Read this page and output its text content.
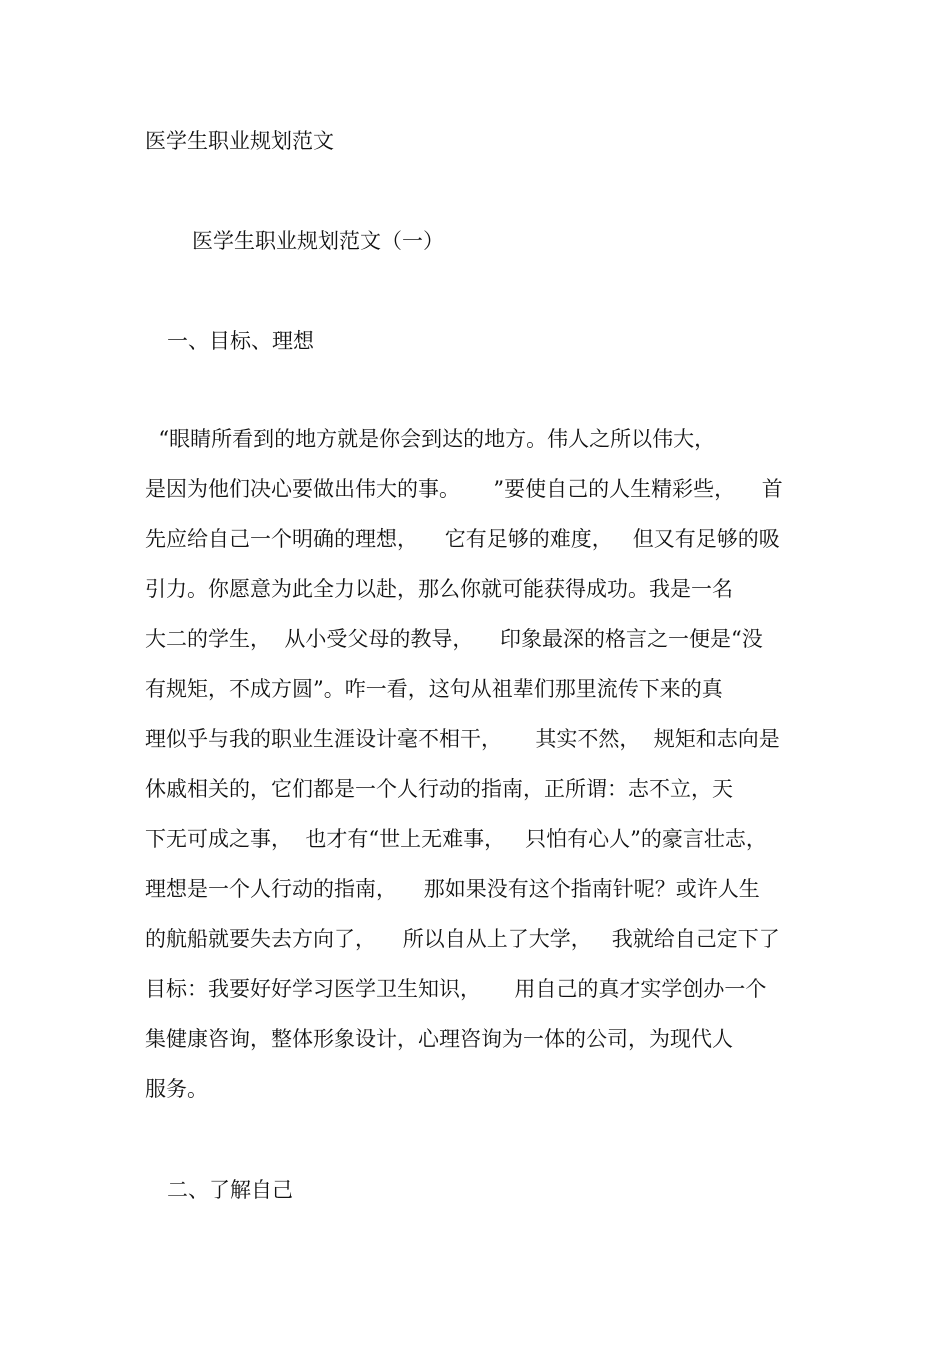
医学生职业规划范文
医学生职业规划范文（一）
一、目标、理想
“眼睛所看到的地方就是你会到达的地方。伟人之所以伟大，
是因为他们决心要做出伟大的事。     ”要使自己的人生精彩些，    首
先应给自己一个明确的理想，    它有足够的难度，   但又有足够的吸
引力。你愿意为此全力以赴，那么你就可能获得成功。我是一名
大二的学生，  从小受父母的教导，    印象最深的格言之一便是“没
有规矩，不成方圆”。咋一看，这句从祖辈们那里流传下来的真
理似乎与我的职业生涯设计毫不相干，     其实不然，  规矩和志向是
休戚相关的，它们都是一个人行动的指南，正所谓：志不立，天
下无可成之事，  也才有“世上无难事，   只怕有心人”的豪言壮志，
理想是一个人行动的指南，    那如果没有这个指南针呢？或许人生
的航船就要失去方向了，    所以自从上了大学，   我就给自己定下了
目标：我要好好学习医学卫生知识，     用自己的真才实学创办一个
集健康咨询，整体形象设计，心理咨询为一体的公司，为现代人
服务。
二、了解自己
